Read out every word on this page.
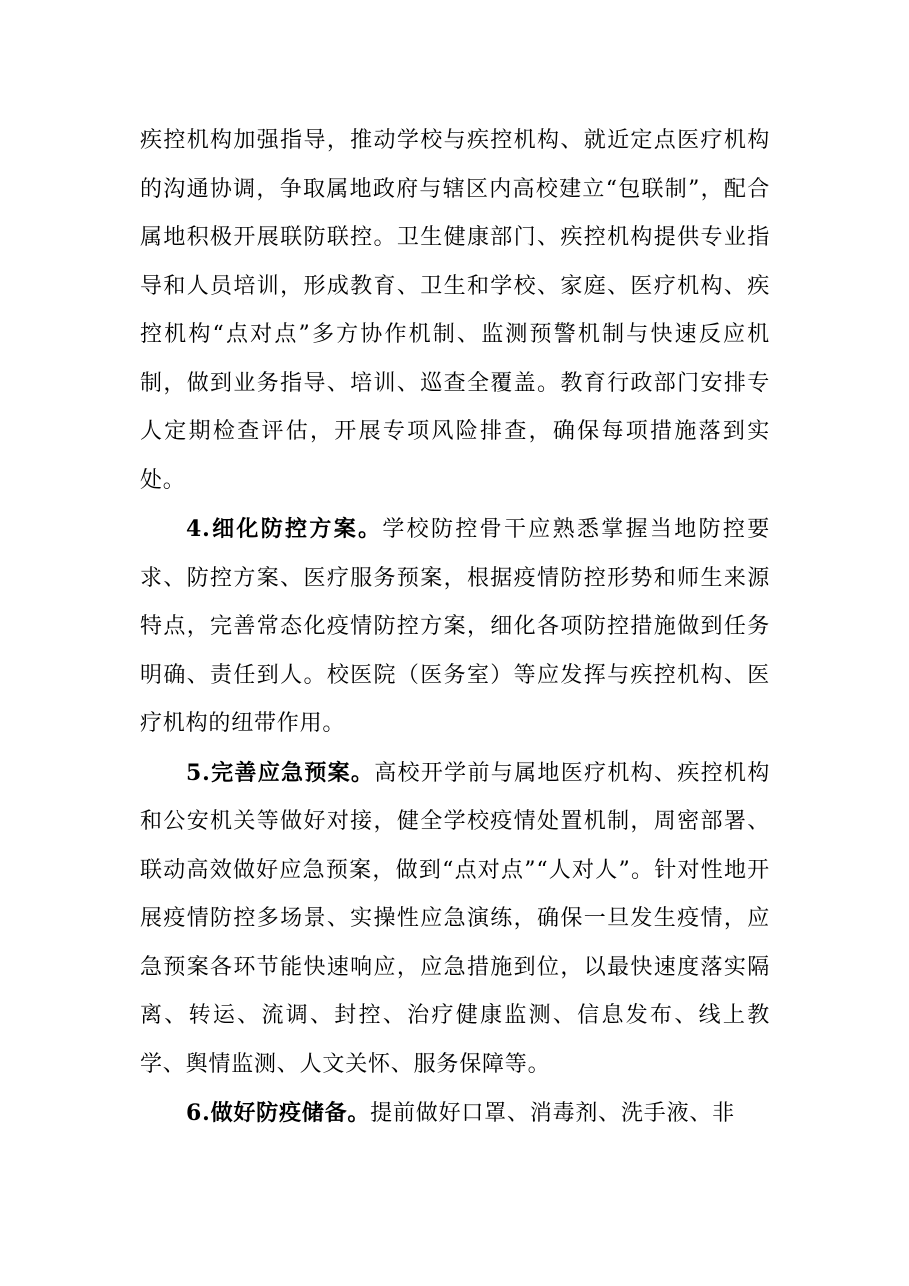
疾控机构加强指导，推动学校与疾控机构、就近定点医疗机构的沟通协调，争取属地政府与辖区内高校建立“包联制”，配合属地积极开展联防联控。卫生健康部门、疾控机构提供专业指导和人员培训，形成教育、卫生和学校、家庭、医疗机构、疾控机构“点对点”多方协作机制、监测预警机制与快速反应机制，做到业务指导、培训、巡查全覆盖。教育行政部门安排专人定期检查评估，开展专项风险排查，确保每项措施落到实处。

4.细化防控方案。学校防控骨干应熟悉掌握当地防控要求、防控方案、医疗服务预案，根据疫情防控形势和师生来源特点，完善常态化疫情防控方案，细化各项防控措施做到任务明确、责任到人。校医院（医务室）等应发挥与疾控机构、医疗机构的纽带作用。

5.完善应急预案。高校开学前与属地医疗机构、疾控机构和公安机关等做好对接，健全学校疫情处置机制，周密部署、联动高效做好应急预案，做到“点对点”“人对人”。针对性地开展疫情防控多场景、实操性应急演练，确保一旦发生疫情，应急预案各环节能快速响应，应急措施到位，以最快速度落实隔离、转运、流调、封控、治疗健康监测、信息发布、线上教学、舆情监测、人文关怀、服务保障等。

6.做好防疫储备。提前做好口罩、消毒剂、洗手液、非
